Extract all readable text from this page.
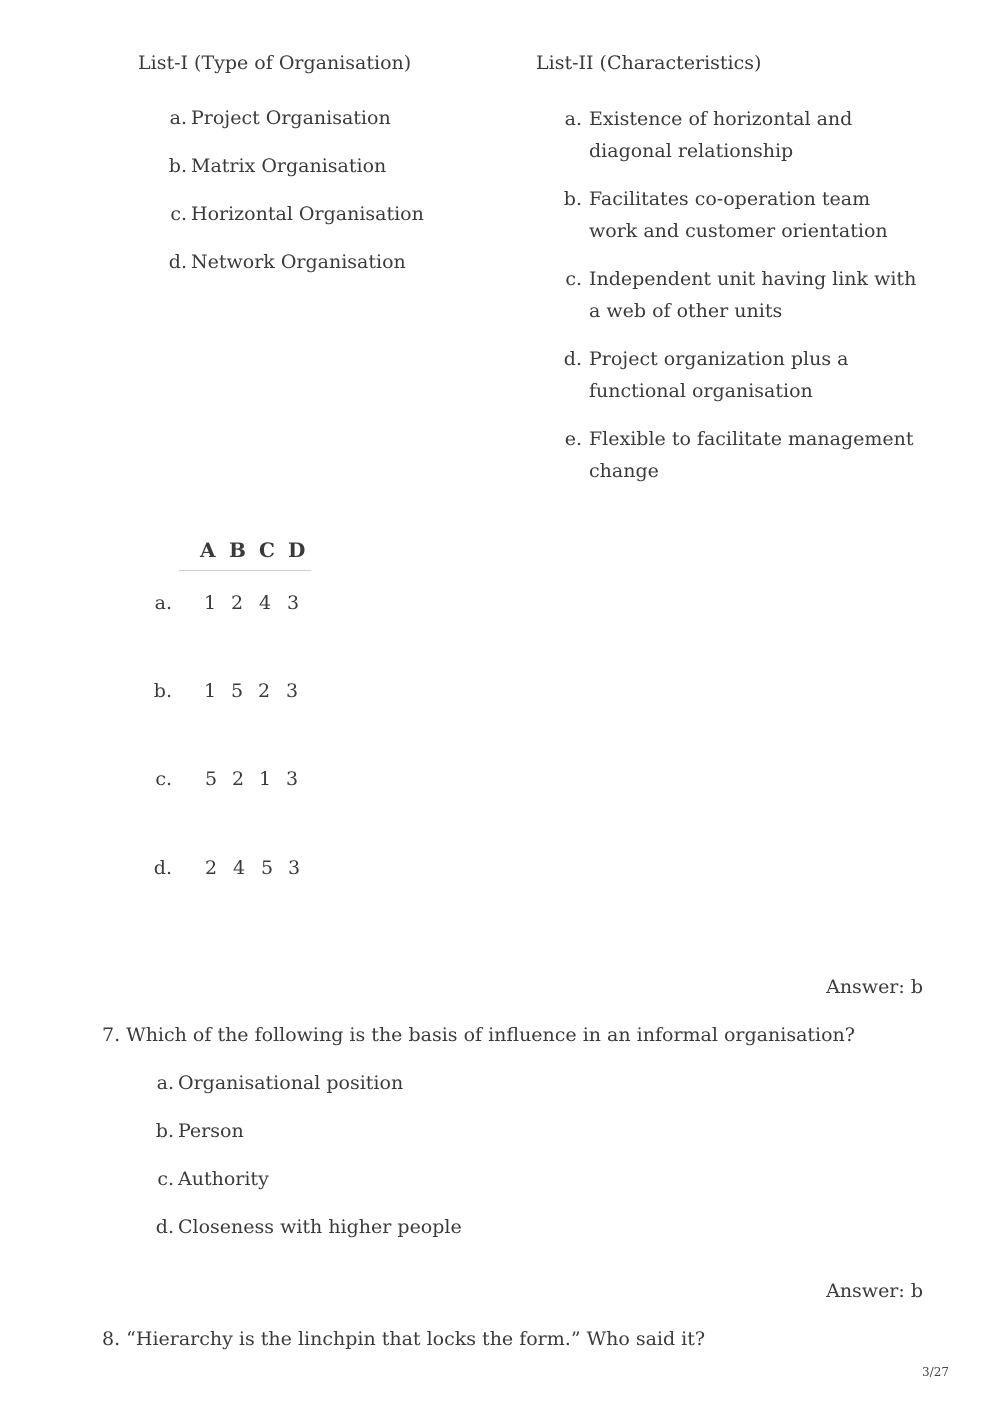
List-I (Type of Organisation)	List-II (Characteristics)
a. Project Organisation
b. Matrix Organisation
c. Horizontal Organisation
d. Network Organisation
a. Existence of horizontal and diagonal relationship
b. Facilitates co-operation team work and customer orientation
c. Independent unit having link with a web of other units
d. Project organization plus a functional organisation
e. Flexible to facilitate management change
A B C D
a. 1 2 4 3
b. 1 5 2 3
c. 5 2 1 3
d. 2 4 5 3
Answer: b
7. Which of the following is the basis of influence in an informal organisation?
a. Organisational position
b. Person
c. Authority
d. Closeness with higher people
Answer: b
8. “Hierarchy is the linchpin that locks the form.” Who said it?
3/27
